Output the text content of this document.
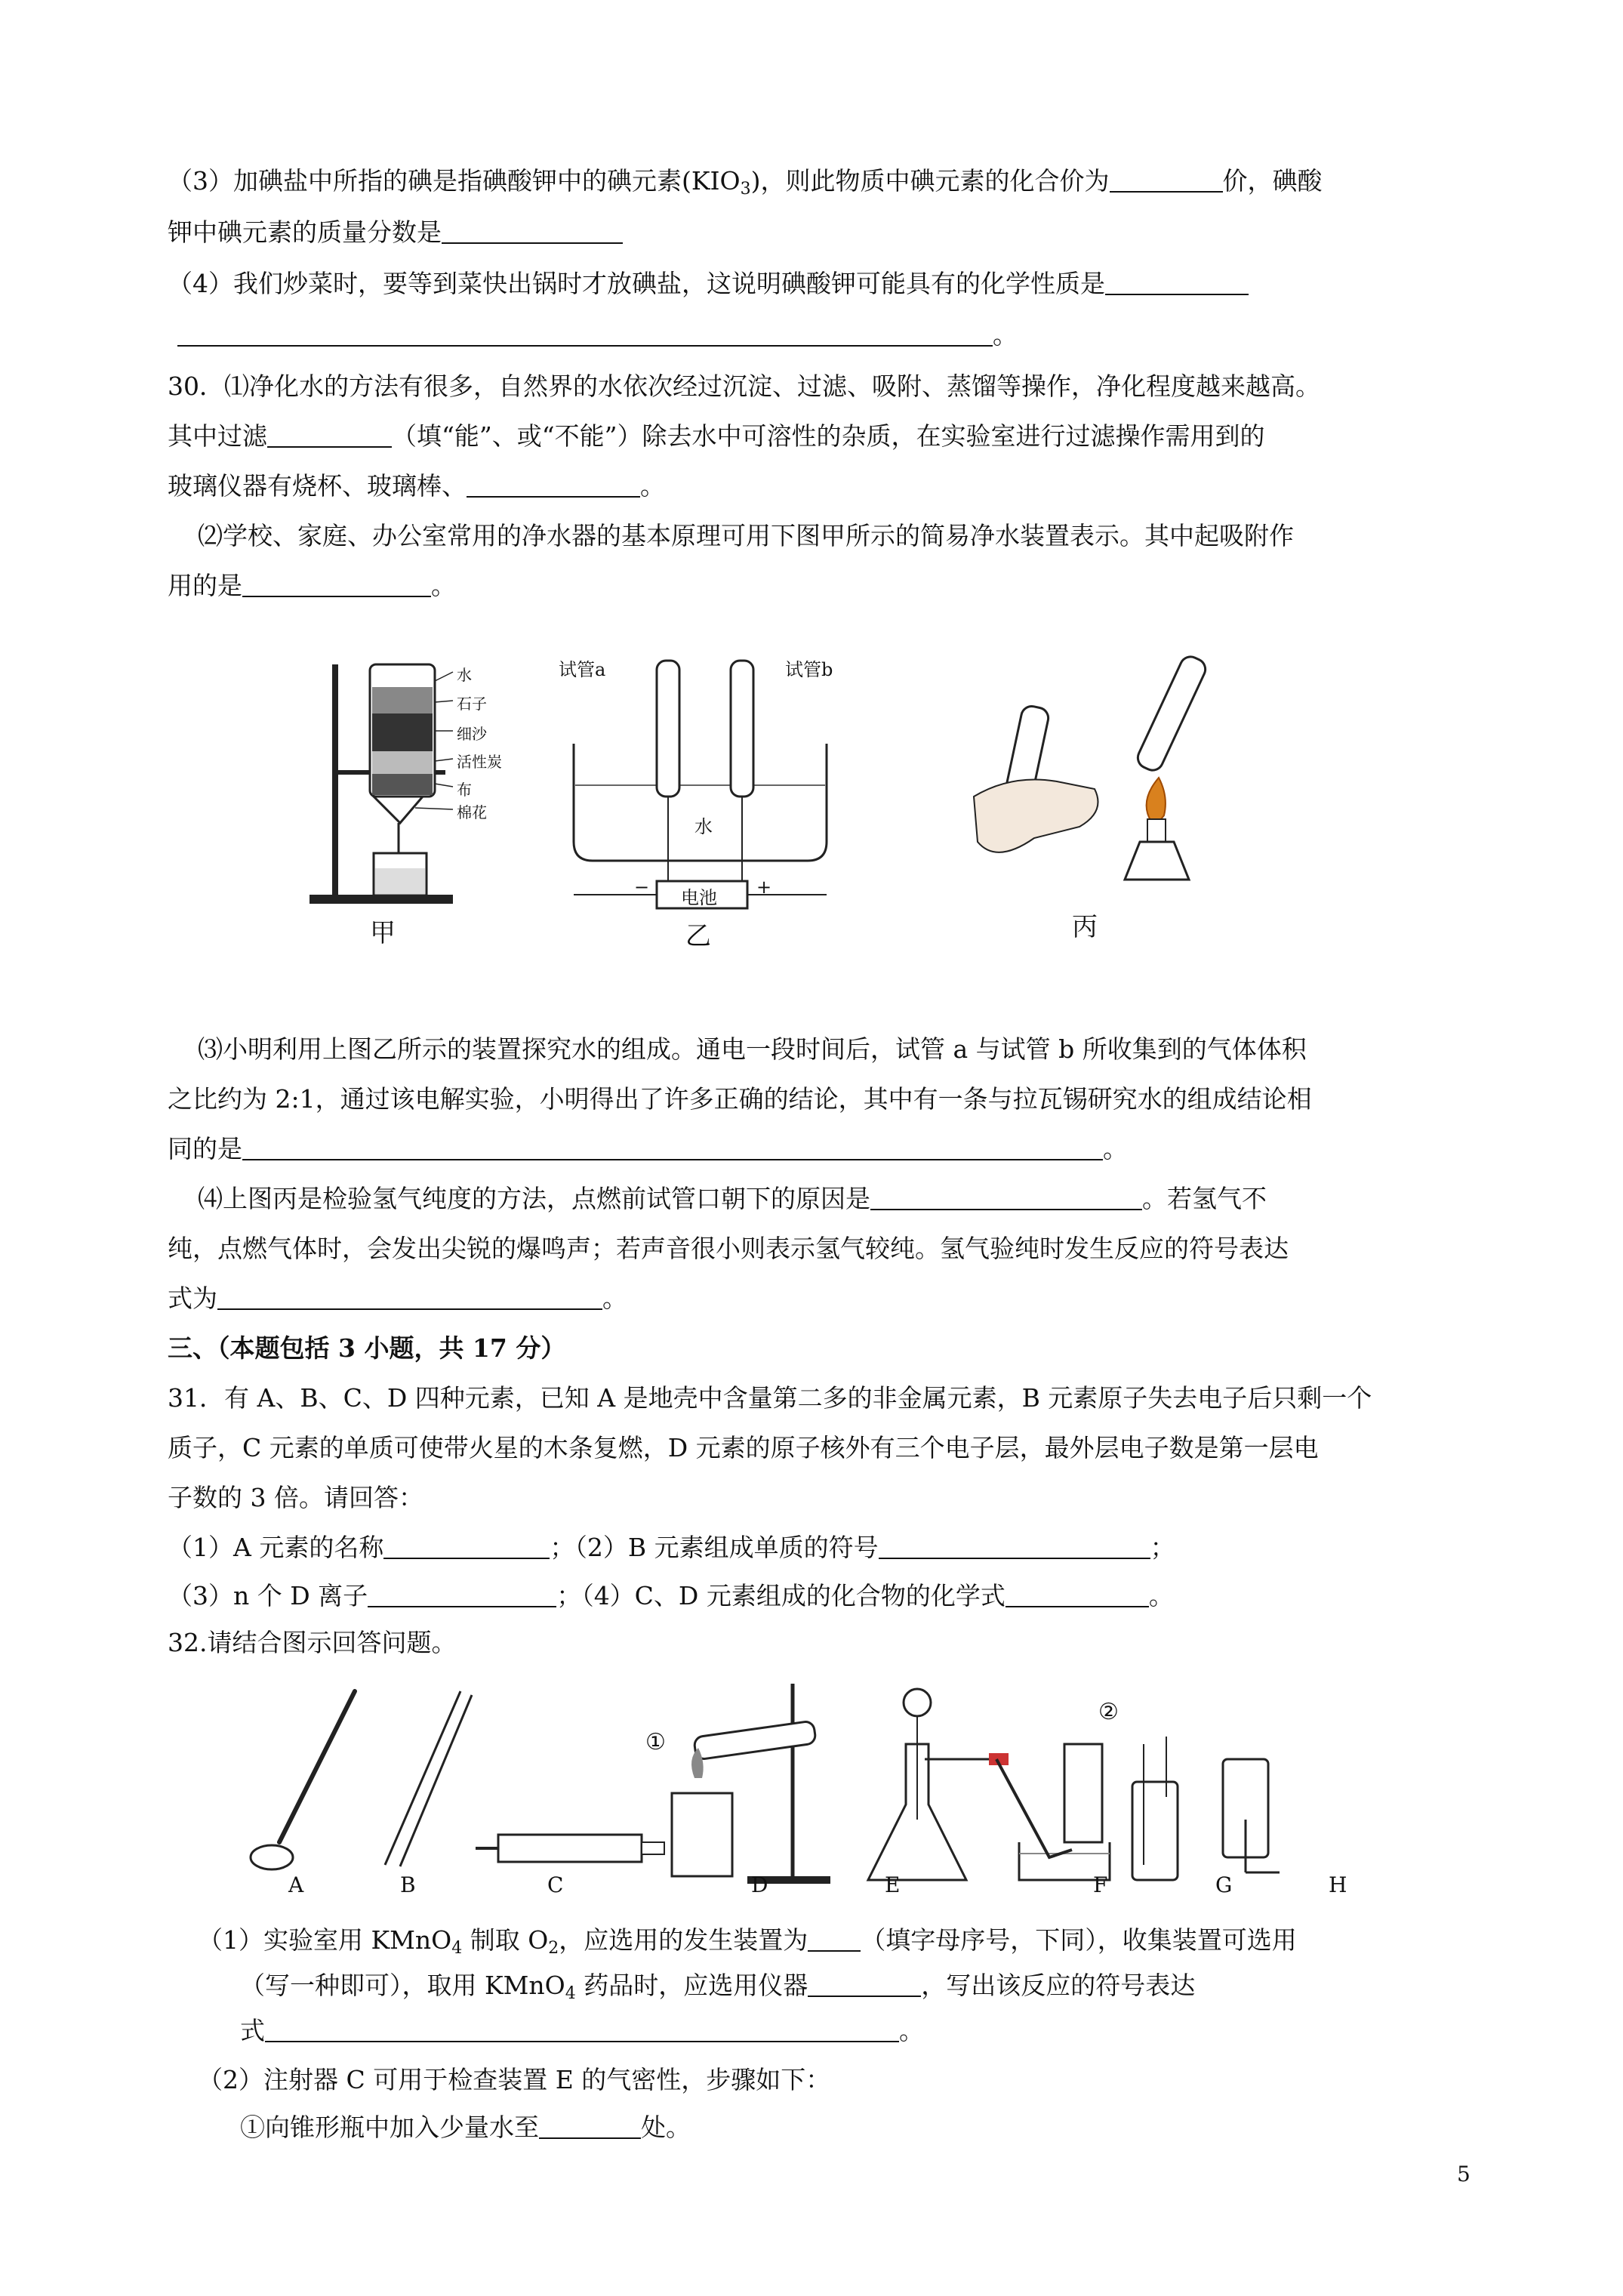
（3）加碘盐中所指的碘是指碘酸钾中的碘元素$(KIO_3)$，则此物质中碘元素的化合价为	价，碘酸
钾中碘元素的质量分数是
（4）我们炒菜时，要等到菜快出锅时才放碘盐，这说明碘酸钾可能具有的化学性质是
。
30．⑴净化水的方法有很多，自然界的水依次经过沉淀、过滤、吸附、蒸馏等操作，净化程度越来越高。
其中过滤	（填“能”、或“不能”）除去水中可溶性的杂质，在实验室进行过滤操作需用到的
玻璃仪器有烧杯、玻璃棒、	。
⑵学校、家庭、办公室常用的净水器的基本原理可用下图甲所示的简易净水装置表示。其中起吸附作
用的是	。
水
石子
细沙
活性炭
布
棉花
甲
试管a	试管b
水
电池
−	+
乙	丙
⑶小明利用上图乙所示的装置探究水的组成。通电一段时间后，试管 a 与试管 b 所收集到的气体体积
之比约为 2:1，通过该电解实验，小明得出了许多正确的结论，其中有一条与拉瓦锡研究水的组成结论相
同的是	。
⑷上图丙是检验氢气纯度的方法，点燃前试管口朝下的原因是	。若氢气不
纯，点燃气体时，会发出尖锐的爆鸣声；若声音很小则表示氢气较纯。氢气验纯时发生反应的符号表达
式为	。
三、（本题包括 3 小题，共 17 分）
31．有 A、B、C、D 四种元素，已知 A 是地壳中含量第二多的非金属元素，B 元素原子失去电子后只剩一个
质子，C 元素的单质可使带火星的木条复燃，D 元素的原子核外有三个电子层，最外层电子数是第一层电
子数的 3 倍。请回答：
（1）A 元素的名称	；（2）B 元素组成单质的符号	；
（3）n 个 D 离子	；（4）C、D 元素组成的化合物的化学式	。
32.请结合图示回答问题。
①
②
A	B	C	D	E	F	G	H
（1）实验室用 KMnO$_4$ 制取 $O_2$，应选用的发生装置为 （填字母序号，下同），收集装置可选用
（写一种即可），取用 KMnO$_4$ 药品时，应选用仪器	，写出该反应的符号表达
式	。
（2）注射器 C 可用于检查装置 E 的气密性，步骤如下：
①向锥形瓶中加入少量水至	处。
5
